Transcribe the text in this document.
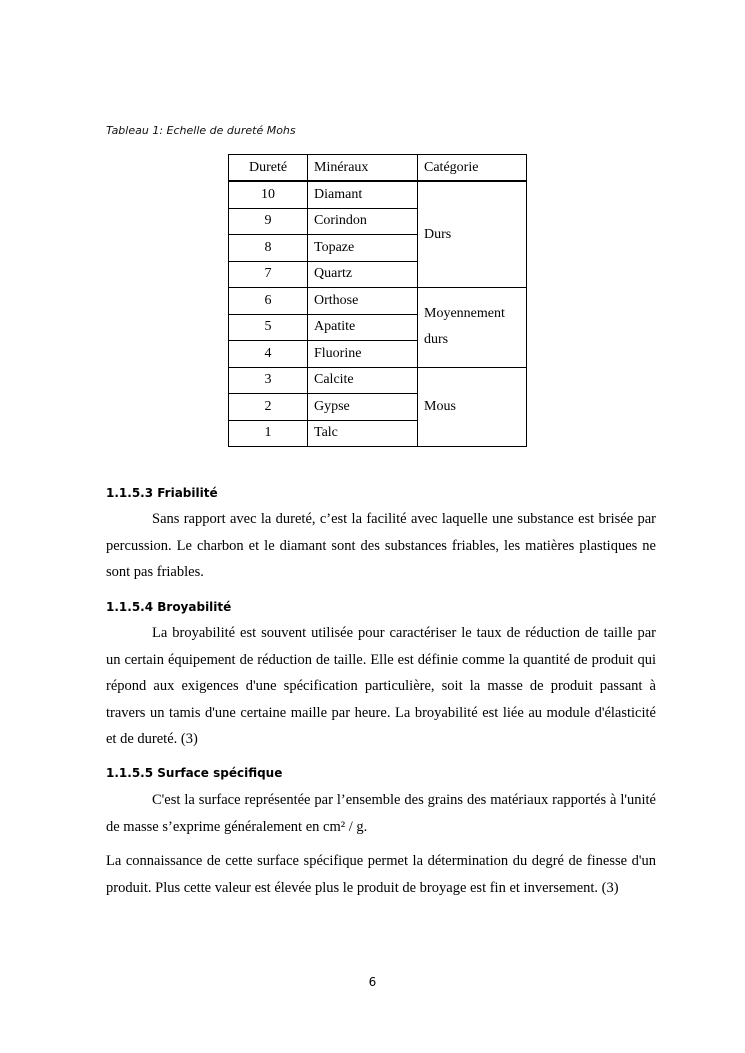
Tableau 1: Echelle de dureté Mohs
Dureté	Minéraux	Catégorie
10	Diamant	Durs
9	Corindon	
8	Topaze	
7	Quartz	
6	Orthose	Moyennement durs
5	Apatite	
4	Fluorine	
3	Calcite	Mous
2	Gypse	
1	Talc	
1.1.5.3 Friabilité

Sans rapport avec la dureté, c’est la facilité avec laquelle une substance est brisée par percussion. Le charbon et le diamant sont des substances friables, les matières plastiques ne sont pas friables.

1.1.5.4 Broyabilité

La broyabilité est souvent utilisée pour caractériser le taux de réduction de taille par un certain équipement de réduction de taille. Elle est définie comme la quantité de produit qui répond aux exigences d'une spécification particulière, soit la masse de produit passant à travers un tamis d'une certaine maille par heure. La broyabilité est liée au module d'élasticité et de dureté. (3)

1.1.5.5 Surface spécifique

C'est la surface représentée par l’ensemble des grains des matériaux rapportés à l'unité de masse s’exprime généralement en cm² / g.

La connaissance de cette surface spécifique permet la détermination du degré de finesse d'un produit. Plus cette valeur est élevée plus le produit de broyage est fin et inversement. (3)

6
